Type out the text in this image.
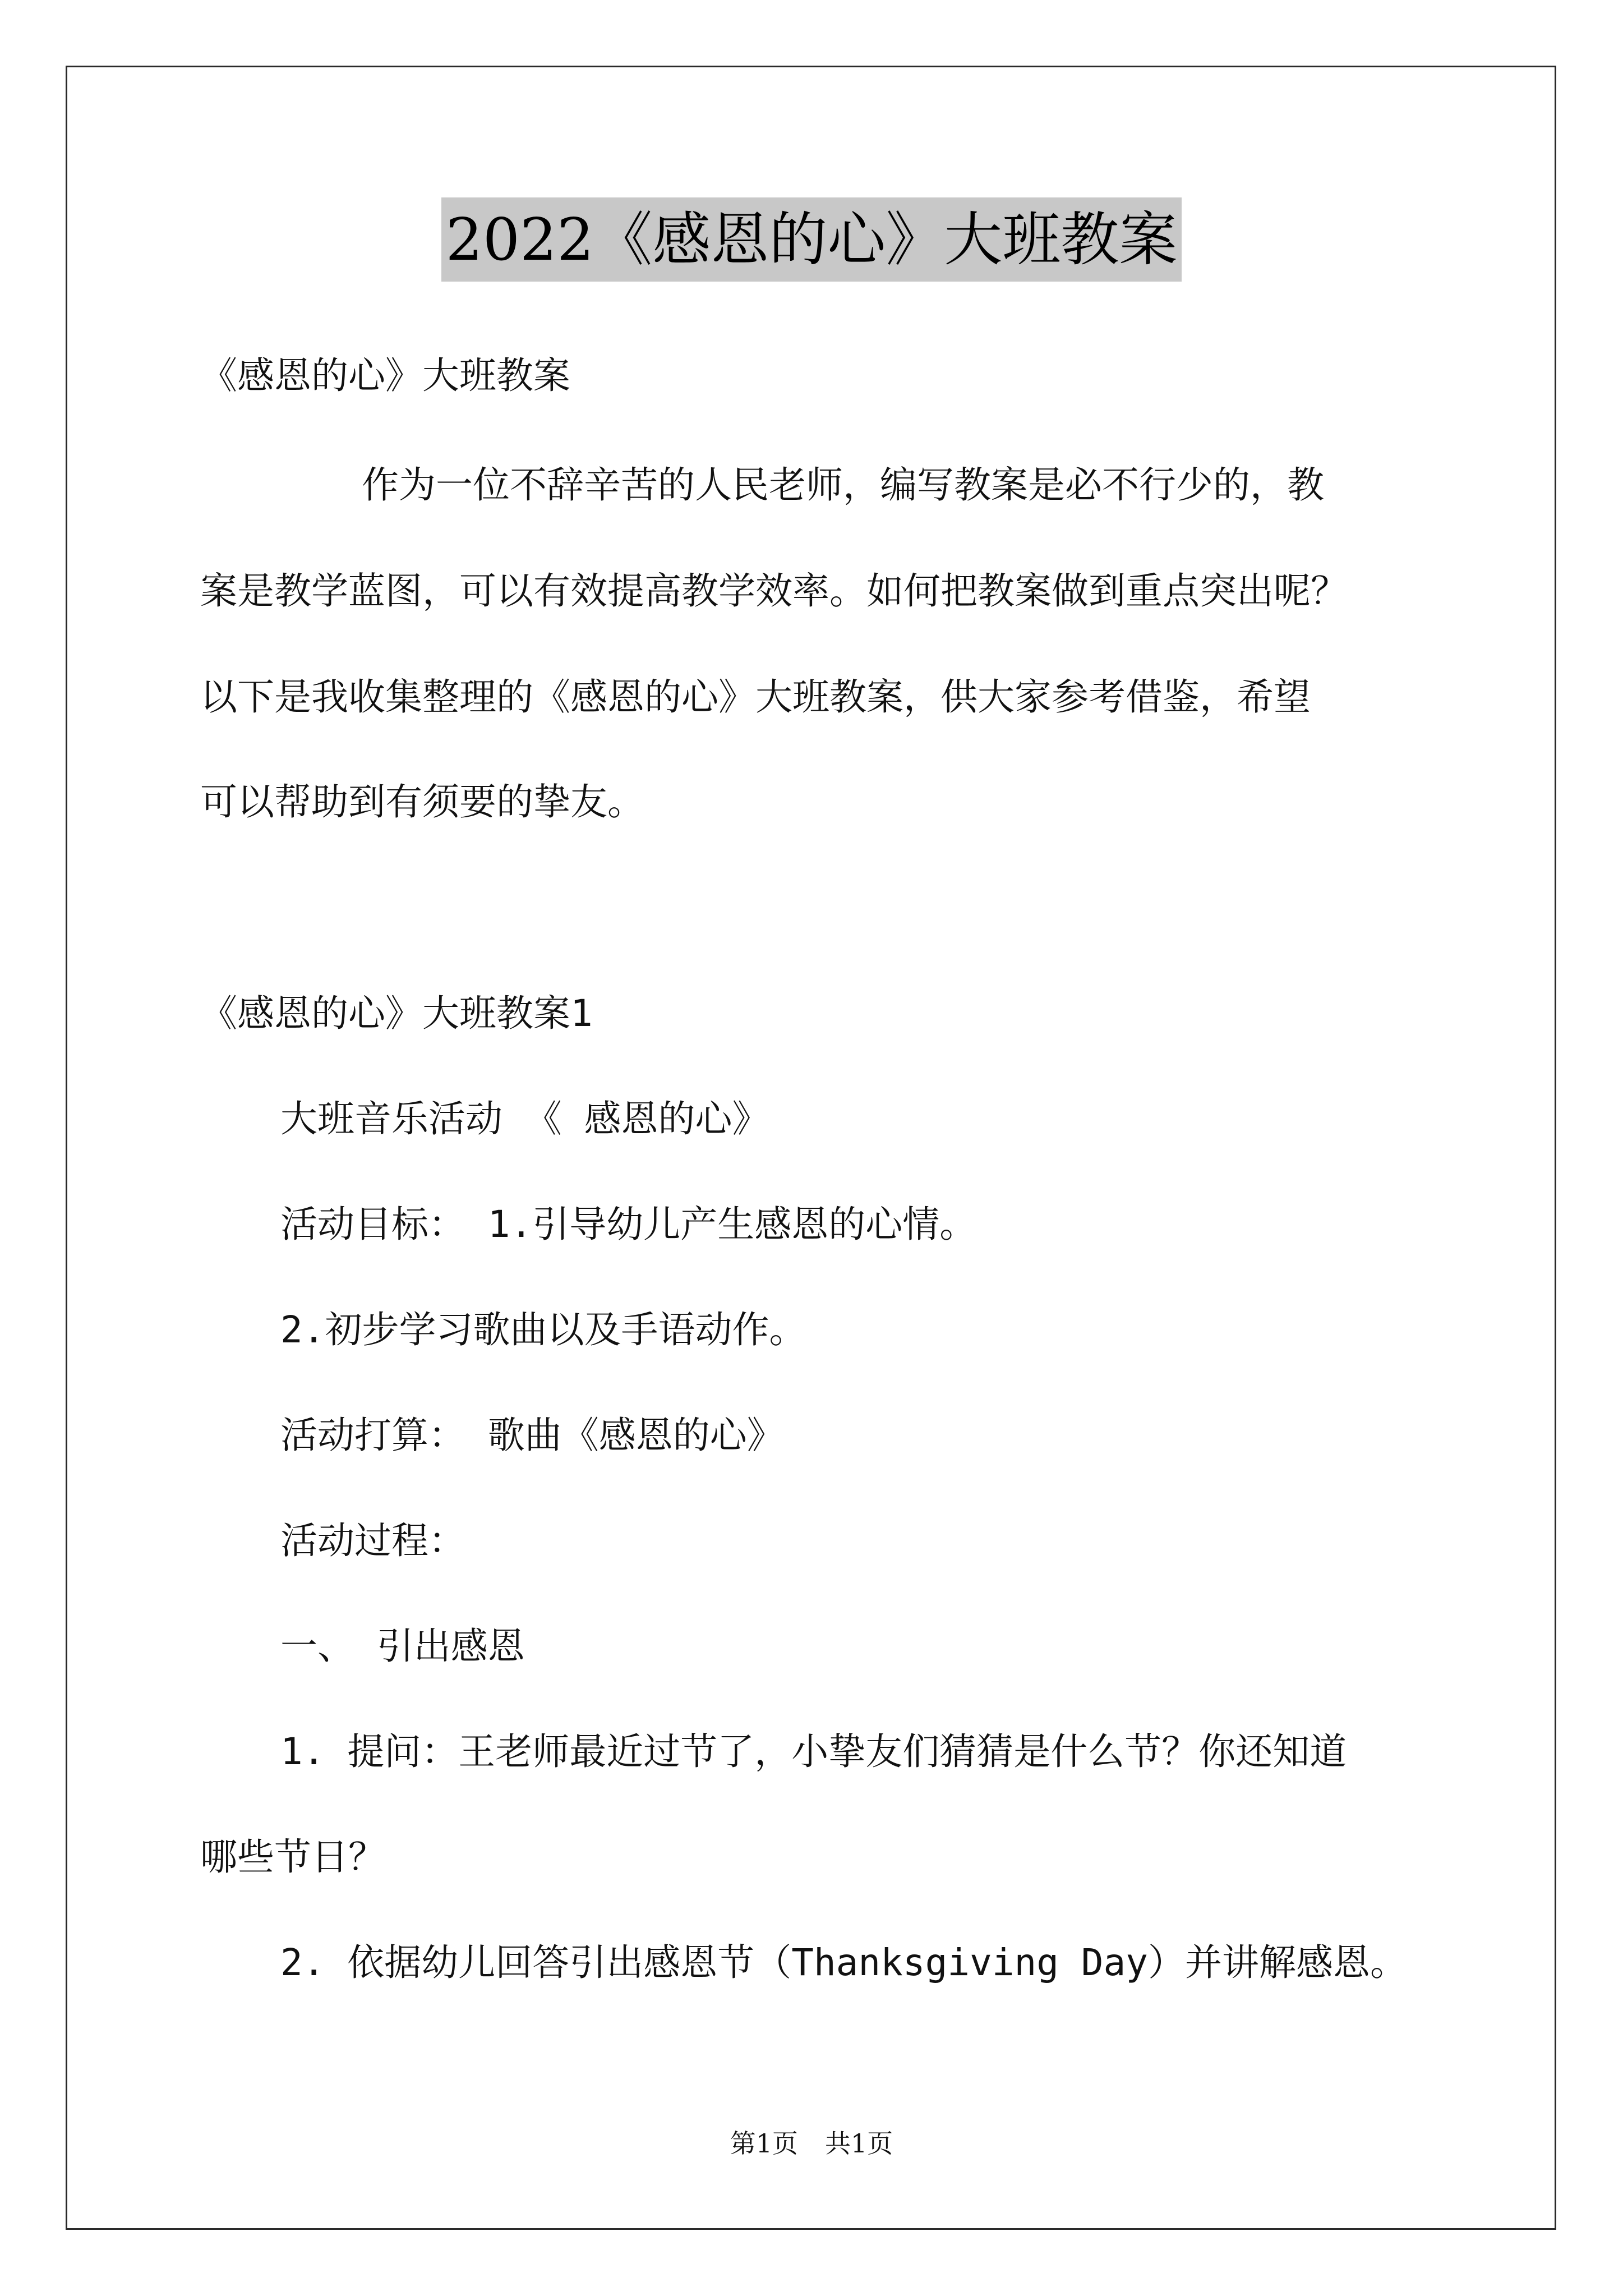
2022《感恩的心》大班教案
《感恩的心》大班教案
作为一位不辞辛苦的人民老师，编写教案是必不行少的，教
案是教学蓝图，可以有效提高教学效率。如何把教案做到重点突出呢？
以下是我收集整理的《感恩的心》大班教案，供大家参考借鉴，希望
可以帮助到有须要的挚友。
《感恩的心》大班教案1
大班音乐活动 《 感恩的心》
活动目标： 1.引导幼儿产生感恩的心情。
2.初步学习歌曲以及手语动作。
活动打算： 歌曲《感恩的心》
活动过程：
一、 引出感恩
1. 提问：王老师最近过节了，小挚友们猜猜是什么节？你还知道
哪些节日？
2. 依据幼儿回答引出感恩节（Thanksgiving Day）并讲解感恩。
第1页 共1页
